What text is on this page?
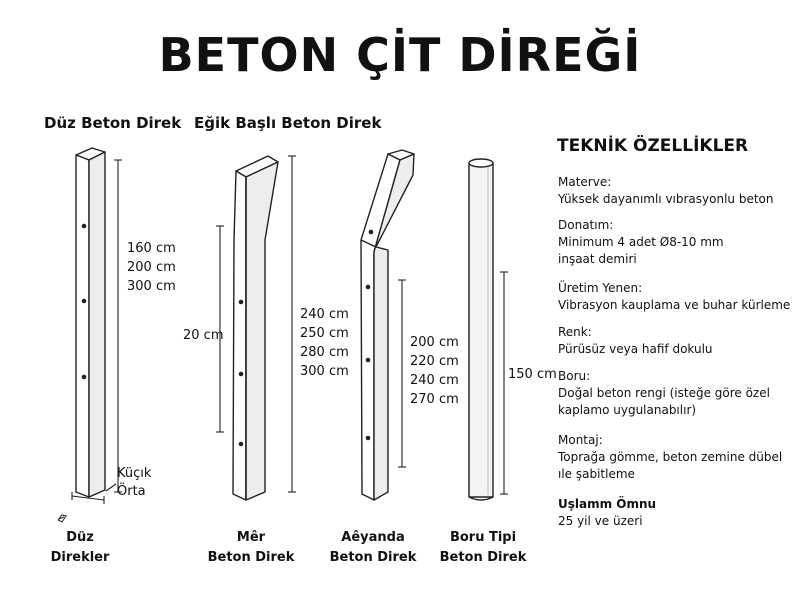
BETON ÇİT DİREĞİ
Düz Beton Direk Eğik Başlı Beton Direk
160 cm
200 cm
300 cm
Küçık
Örta
Düz
Direkler
20 cm
240 cm
250 cm
280 cm
300 cm
Mêr
Beton Direk
200 cm
220 cm
240 cm
270 cm
Aêyanda
Beton Direk
150 cm
Boru Tipi
Beton Direk
TEKNİK ÖZELLİKLER
Materve:
Yüksek dayanımlı vıbrasyonlu beton
Donatım:
Minimum 4 adet Ø8-10 mm inşaat demiri
Üretim Yenen:
Vibrasyon kauplama ve buhar kürleme
Renk:
Pürüsüz veya hafif dokulu
Boru:
Doğal beton rengi (isteğe göre özel kaplamo uygulanabılır)
Montaj:
Toprağa gömme, beton zemine dübel ıle şabitleme
Uşlamm Ömnu
25 yil ve üzeri
